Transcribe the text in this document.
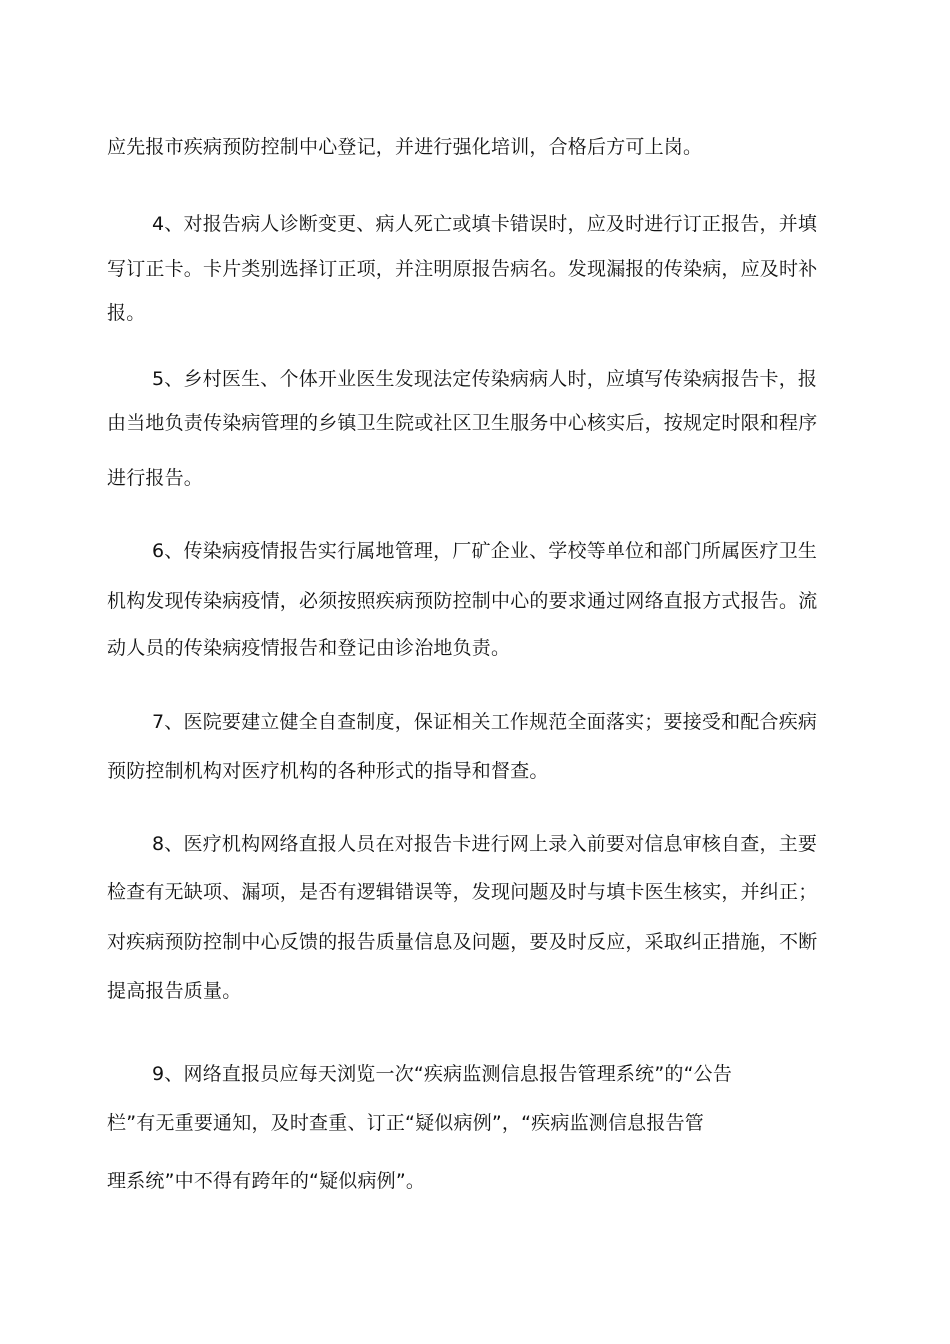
应先报市疾病预防控制中心登记，并进行强化培训，合格后方可上岗。
4、对报告病人诊断变更、病人死亡或填卡错误时，应及时进行订正报告，并填
写订正卡。卡片类别选择订正项，并注明原报告病名。发现漏报的传染病，应及时补
报。
5、乡村医生、个体开业医生发现法定传染病病人时，应填写传染病报告卡，报
由当地负责传染病管理的乡镇卫生院或社区卫生服务中心核实后，按规定时限和程序
进行报告。
6、传染病疫情报告实行属地管理，厂矿企业、学校等单位和部门所属医疗卫生
机构发现传染病疫情，必须按照疾病预防控制中心的要求通过网络直报方式报告。流
动人员的传染病疫情报告和登记由诊治地负责。
7、医院要建立健全自查制度，保证相关工作规范全面落实；要接受和配合疾病
预防控制机构对医疗机构的各种形式的指导和督查。
8、医疗机构网络直报人员在对报告卡进行网上录入前要对信息审核自查，主要
检查有无缺项、漏项，是否有逻辑错误等，发现问题及时与填卡医生核实，并纠正；
对疾病预防控制中心反馈的报告质量信息及问题，要及时反应，采取纠正措施，不断
提高报告质量。
9、网络直报员应每天浏览一次“疾病监测信息报告管理系统”的“公告
栏”有无重要通知，及时查重、订正“疑似病例”，“疾病监测信息报告管
理系统”中不得有跨年的“疑似病例”。
